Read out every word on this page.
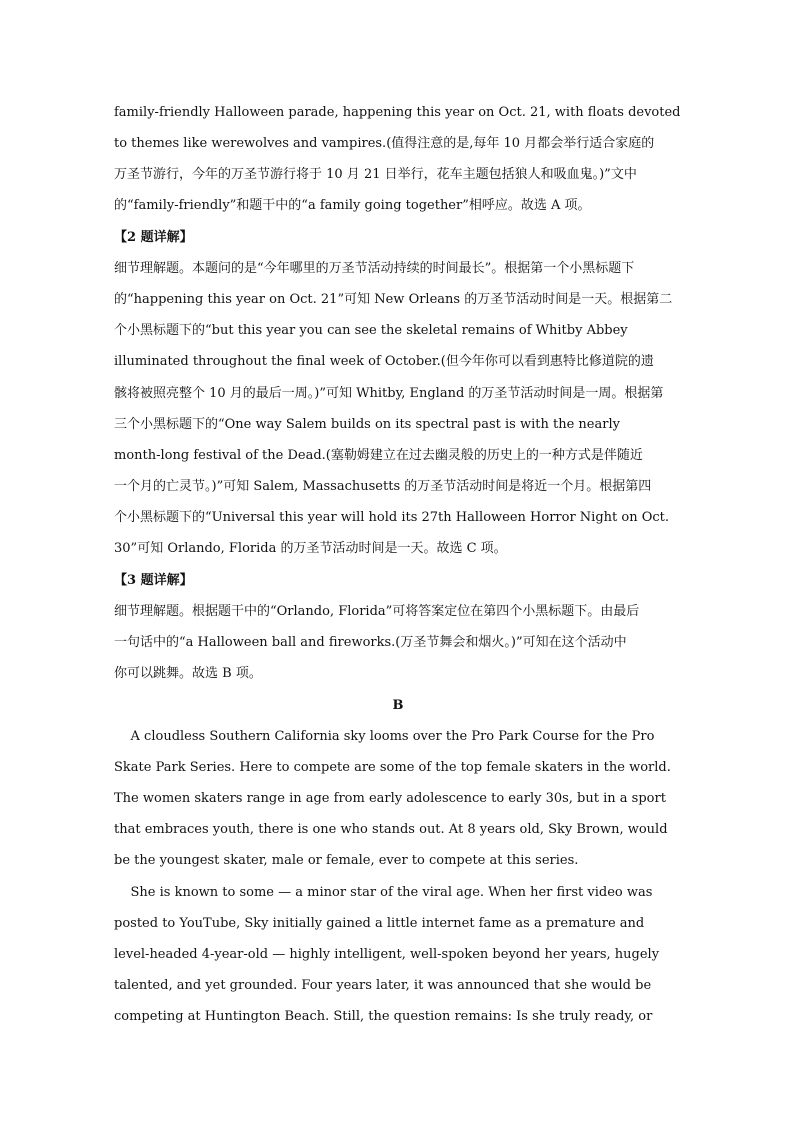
family-friendly Halloween parade, happening this year on Oct. 21, with floats devoted
to themes like werewolves and vampires.(值得注意的是,每年 10 月都会举行适合家庭的
万圣节游行，今年的万圣节游行将于 10 月 21 日举行，花车主题包括狼人和吸血鬼。)”文中
的“family-friendly”和题干中的“a family going together”相呼应。故选 A 项。
【2 题详解】
细节理解题。本题问的是“今年哪里的万圣节活动持续的时间最长”。根据第一个小黑标题下
的“happening this year on Oct. 21”可知 New Orleans 的万圣节活动时间是一天。根据第二
个小黑标题下的“but this year you can see the skeletal remains of Whitby Abbey
illuminated throughout the final week of October.(但今年你可以看到惠特比修道院的遗
骸将被照亮整个 10 月的最后一周。)”可知 Whitby, England 的万圣节活动时间是一周。根据第
三个小黑标题下的“One way Salem builds on its spectral past is with the nearly
month-long festival of the Dead.(塞勒姆建立在过去幽灵般的历史上的一种方式是伴随近
一个月的亡灵节。)”可知 Salem, Massachusetts 的万圣节活动时间是将近一个月。根据第四
个小黑标题下的“Universal this year will hold its 27th Halloween Horror Night on Oct.
30”可知 Orlando, Florida 的万圣节活动时间是一天。故选 C 项。
【3 题详解】
细节理解题。根据题干中的“Orlando, Florida”可将答案定位在第四个小黑标题下。由最后
一句话中的“a Halloween ball and fireworks.(万圣节舞会和烟火。)”可知在这个活动中
你可以跳舞。故选 B 项。
B
A cloudless Southern California sky looms over the Pro Park Course for the Pro
Skate Park Series. Here to compete are some of the top female skaters in the world.
The women skaters range in age from early adolescence to early 30s, but in a sport
that embraces youth, there is one who stands out. At 8 years old, Sky Brown, would
be the youngest skater, male or female, ever to compete at this series.
She is known to some — a minor star of the viral age. When her first video was
posted to YouTube, Sky initially gained a little internet fame as a premature and
level-headed 4-year-old — highly intelligent, well-spoken beyond her years, hugely
talented, and yet grounded. Four years later, it was announced that she would be
competing at Huntington Beach. Still, the question remains: Is she truly ready, or
